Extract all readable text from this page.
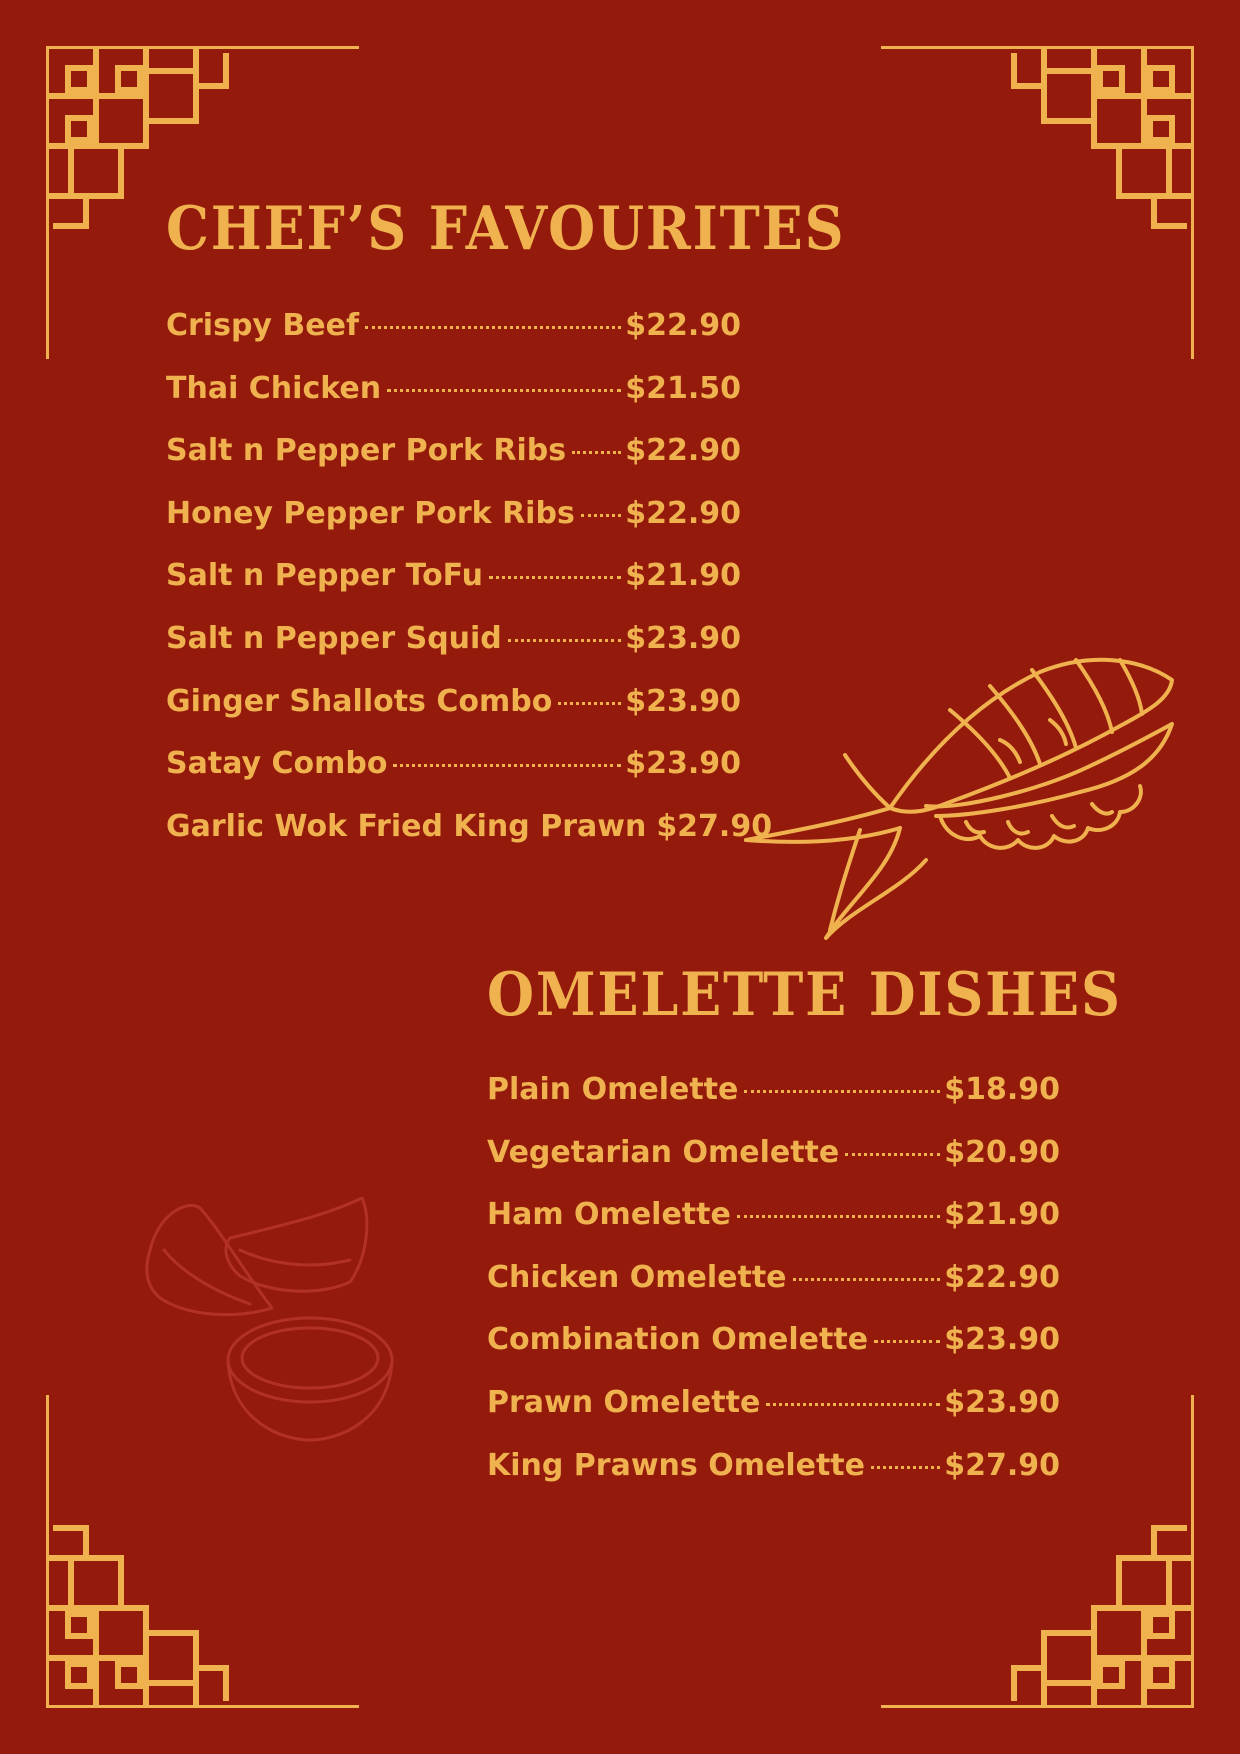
CHEF’S FAVOURITES
Crispy Beef	$22.90
Thai Chicken	$21.50
Salt n Pepper Pork Ribs $22.90
Honey Pepper Pork Ribs $22.90
Salt n Pepper ToFu	$21.90
Salt n Pepper Squid	$23.90
Ginger Shallots Combo $23.90
Satay Combo	$23.90
Garlic Wok Fried King Prawn $27.90
OMELETTE DISHES
Plain Omelette	$18.90
Vegetarian Omelette	$20.90
Ham Omelette	$21.90
Chicken Omelette	$22.90
Combination Omelette	$23.90
Prawn Omelette	$23.90
King Prawns Omelette	$27.90
